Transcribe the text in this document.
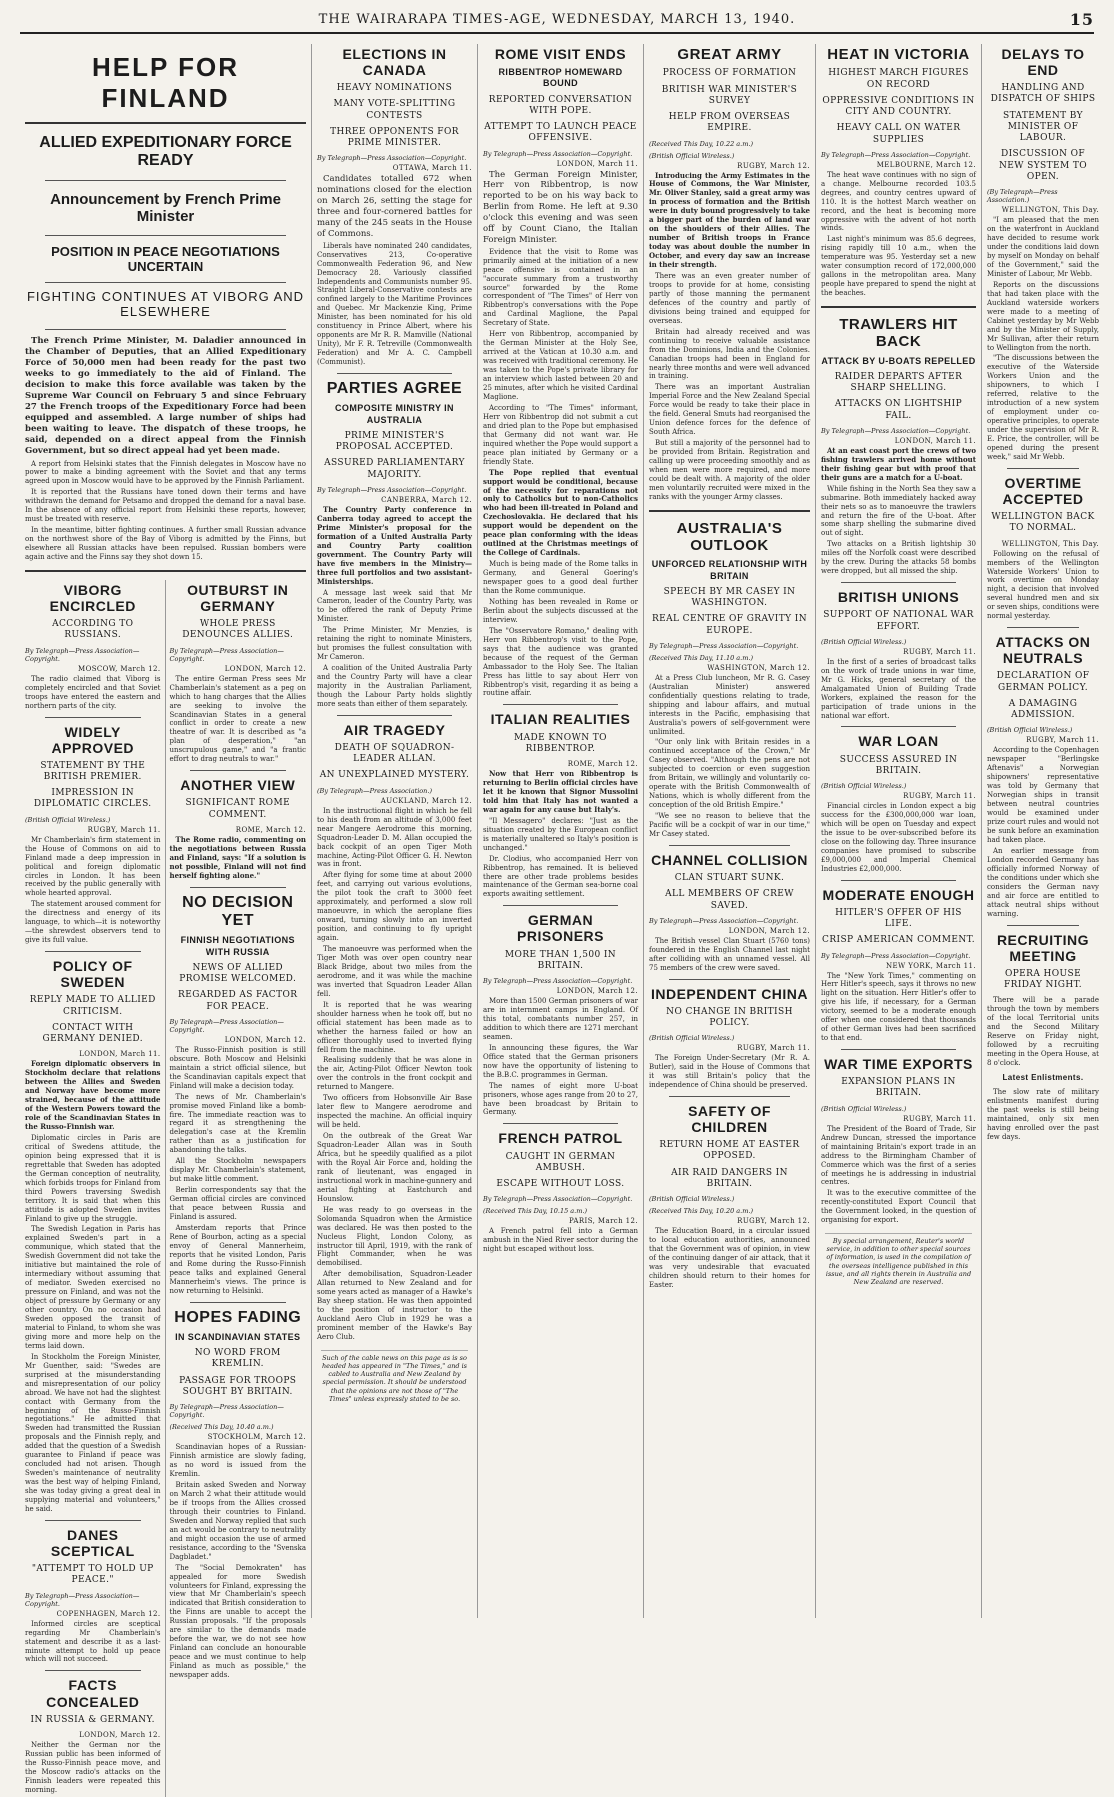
THE WAIRARAPA TIMES-AGE, WEDNESDAY, MARCH 13, 1940.	15
HELP FOR FINLAND
ALLIED EXPEDITIONARY FORCE READY
Announcement by French Prime Minister
POSITION IN PEACE NEGOTIATIONS UNCERTAIN
FIGHTING CONTINUES AT VIBORG AND ELSEWHERE

The French Prime Minister, M. Daladier announced in the Chamber of Deputies, that an Allied Expeditionary Force of 50,000 men had been ready for the past two weeks to go immediately to the aid of Finland. The decision to make this force available was taken by the Supreme War Council on February 5 and since February 27 the French troops of the Expeditionary Force had been equipped and assembled. A large number of ships had been waiting to leave. The dispatch of these troops, he said, depended on a direct appeal from the Finnish Government, but so direct appeal had yet been made.

A report from Helsinki states that the Finnish delegates in Moscow have no power to make a binding agreement with the Soviet and that any terms agreed upon in Moscow would have to be approved by the Finnish Parliament.

It is reported that the Russians have toned down their terms and have withdrawn the demand for Petsamo and dropped the demand for a naval base. In the absence of any official report from Helsinki these reports, however, must be treated with reserve.

In the meantime, bitter fighting continues. A further small Russian advance on the northwest shore of the Bay of Viborg is admitted by the Finns, but elsewhere all Russian attacks have been repulsed. Russian bombers were again active and the Finns say they shot down 15.

VIBORG ENCIRCLED
ACCORDING TO RUSSIANS.
By Telegraph—Press Association—Copyright.
MOSCOW, March 12.

The radio claimed that Viborg is completely encircled and that Soviet troops have entered the eastern and northern parts of the city.

WIDELY APPROVED
STATEMENT BY THE BRITISH PREMIER.
IMPRESSION IN DIPLOMATIC CIRCLES.
(British Official Wireless.)
RUGBY, March 11.

Mr Chamberlain's firm statement in the House of Commons on aid to Finland made a deep impression in political and foreign diplomatic circles in London. It has been received by the public generally with whole hearted approval.

The statement aroused comment for the directness and energy of its language, to which—it is noteworthy—the shrewdest observers tend to give its full value.

POLICY OF SWEDEN
REPLY MADE TO ALLIED CRITICISM.
CONTACT WITH GERMANY DENIED.
LONDON, March 11.

Foreign diplomatic observers in Stockholm declare that relations between the Allies and Sweden and Norway have become more strained, because of the attitude of the Western Powers toward the role of the Scandinavian States in the Russo-Finnish war.

Diplomatic circles in Paris are critical of Swedens attitude, the opinion being expressed that it is regrettable that Sweden has adopted the German conception of neutrality, which forbids troops for Finland from third Powers traversing Swedish territory. It is said that when this attitude is adopted Sweden invites Finland to give up the struggle.

The Swedish Legation in Paris has explained Sweden's part in a communique, which stated that the Swedish Government did not take the initiative but maintained the role of intermediary without assuming that of mediator. Sweden exercised no pressure on Finland, and was not the object of pressure by Germany or any other country. On no occasion had Sweden opposed the transit of material to Finland, to whom she was giving more and more help on the terms laid down.

In Stockholm the Foreign Minister, Mr Guenther, said: "Swedes are surprised at the misunderstanding and misrepresentation of our policy abroad. We have not had the slightest contact with Germany from the beginning of the Russo-Finnish negotiations." He admitted that Sweden had transmitted the Russian proposals and the Finnish reply, and added that the question of a Swedish guarantee to Finland if peace was concluded had not arisen. Though Sweden's maintenance of neutrality was the best way of helping Finland, she was today giving a great deal in supplying material and volunteers," he said.

DANES SCEPTICAL
"ATTEMPT TO HOLD UP PEACE."
By Telegraph—Press Association—Copyright.
COPENHAGEN, March 12.

Informed circles are sceptical regarding Mr Chamberlain's statement and describe it as a last-minute attempt to hold up peace which will not succeed.

FACTS CONCEALED
IN RUSSIA & GERMANY.
LONDON, March 12.

Neither the German nor the Russian public has been informed of the Russo-Finnish peace move, and the Moscow radio's attacks on the Finnish leaders were repeated this morning.

OUTBURST IN GERMANY
WHOLE PRESS DENOUNCES ALLIES.
By Telegraph—Press Association—Copyright.
LONDON, March 12.

The entire German Press sees Mr Chamberlain's statement as a peg on which to hang charges that the Allies are seeking to involve the Scandinavian States in a general conflict in order to create a new theatre of war. It is described as "a plan of desperation," "an unscrupulous game," and "a frantic effort to drag neutrals to war."

ANOTHER VIEW
SIGNIFICANT ROME COMMENT.
ROME, March 12.

The Rome radio, commenting on the negotiations between Russia and Finland, says: "If a solution is not possible, Finland will not find herself fighting alone."

NO DECISION YET
FINNISH NEGOTIATIONS WITH RUSSIA
NEWS OF ALLIED PROMISE WELCOMED.
REGARDED AS FACTOR FOR PEACE.
By Telegraph—Press Association—Copyright.
LONDON, March 12.

The Russo-Finnish position is still obscure. Both Moscow and Helsinki maintain a strict official silence, but the Scandinavian capitals expect that Finland will make a decision today.

The news of Mr. Chamberlain's promise moved Finland like a bomb-fire. The immediate reaction was to regard it as strengthening the delegation's case at the Kremlin rather than as a justification for abandoning the talks.

All the Stockholm newspapers display Mr. Chamberlain's statement, but make little comment.

Berlin correspondents say that the German official circles are convinced that peace between Russia and Finland is assured.

Amsterdam reports that Prince Rene of Bourbon, acting as a special envoy of General Mannerheim, reports that he visited London, Paris and Rome during the Russo-Finnish peace talks and explained General Mannerheim's views. The prince is now returning to Helsinki.

HOPES FADING
IN SCANDINAVIAN STATES
NO WORD FROM KREMLIN.
PASSAGE FOR TROOPS SOUGHT BY BRITAIN.
By Telegraph—Press Association—Copyright.
(Received This Day, 10.40 a.m.)
STOCKHOLM, March 12.

Scandinavian hopes of a Russian-Finnish armistice are slowly fading, as no word is issued from the Kremlin.

Britain asked Sweden and Norway on March 2 what their attitude would be if troops from the Allies crossed through their countries to Finland. Sweden and Norway replied that such an act would be contrary to neutrality and might occasion the use of armed resistance, according to the "Svenska Dagbladet."

The "Social Demokraten" has appealed for more Swedish volunteers for Finland, expressing the view that Mr Chamberlain's speech indicated that British consideration to the Finns are unable to accept the Russian proposals. "If the proposals are similar to the demands made before the war, we do not see how Finland can conclude an honourable peace and we must continue to help Finland as much as possible," the newspaper adds.

ELECTIONS IN CANADA
HEAVY NOMINATIONS
MANY VOTE-SPLITTING CONTESTS
THREE OPPONENTS FOR PRIME MINISTER.
By Telegraph—Press Association—Copyright.
OTTAWA, March 11.

Candidates totalled 672 when nominations closed for the election on March 26, setting the stage for three and four-cornered battles for many of the 245 seats in the House of Commons.

Liberals have nominated 240 candidates, Conservatives 213, Co-operative Commonwealth Federation 96, and New Democracy 28. Variously classified Independents and Communists number 95. Straight Liberal-Conservative contests are confined largely to the Maritime Provinces and Quebec. Mr Mackenzie King, Prime Minister, has been nominated for his old constituency in Prince Albert, where his opponents are Mr R. R. Mamville (National Unity), Mr F. R. Tetreville (Commonwealth Federation) and Mr A. C. Campbell (Communist).

PARTIES AGREE
COMPOSITE MINISTRY IN AUSTRALIA
PRIME MINISTER'S PROPOSAL ACCEPTED.
ASSURED PARLIAMENTARY MAJORITY.
By Telegraph—Press Association—Copyright.
CANBERRA, March 12.

The Country Party conference in Canberra today agreed to accept the Prime Minister's proposal for the formation of a United Australia Party and Country Party coalition government. The Country Party will have five members in the Ministry—three full portfolios and two assistant-Ministerships.

A message last week said that Mr Cameron, leader of the Country Party, was to be offered the rank of Deputy Prime Minister.

The Prime Minister, Mr Menzies, is retaining the right to nominate Ministers, but promises the fullest consultation with Mr Cameron.

A coalition of the United Australia Party and the Country Party will have a clear majority in the Australian Parliament, though the Labour Party holds slightly more seats than either of them separately.

AIR TRAGEDY
DEATH OF SQUADRON-LEADER ALLAN.
AN UNEXPLAINED MYSTERY.
(By Telegraph—Press Association.)
AUCKLAND, March 12.

In the instructional flight in which he fell to his death from an altitude of 3,000 feet near Mangere Aerodrome this morning, Squadron-Leader D. M. Allan occupied the back cockpit of an open Tiger Moth machine, Acting-Pilot Officer G. H. Newton was in front.

After flying for some time at about 2000 feet, and carrying out various evolutions, the pilot took the craft to 3000 feet approximately, and performed a slow roll manoeuvre, in which the aeroplane flies onward, turning slowly into an inverted position, and continuing to fly upright again.

The manoeuvre was performed when the Tiger Moth was over open country near Black Bridge, about two miles from the aerodrome, and it was while the machine was inverted that Squadron Leader Allan fell.

It is reported that he was wearing shoulder harness when he took off, but no official statement has been made as to whether the harness failed or how an officer thoroughly used to inverted flying fell from the machine.

Realising suddenly that he was alone in the air, Acting-Pilot Officer Newton took over the controls in the front cockpit and returned to Mangere.

Two officers from Hobsonville Air Base later flew to Mangere aerodrome and inspected the machine. An official inquiry will be held.

On the outbreak of the Great War Squadron-Leader Allan was in South Africa, but he speedily qualified as a pilot with the Royal Air Force and, holding the rank of lieutenant, was engaged in instructional work in machine-gunnery and aerial fighting at Eastchurch and Hounslow.

He was ready to go overseas in the Solomanda Squadron when the Armistice was declared. He was then posted to the Nucleus Flight, London Colony, as instructor till April, 1919, with the rank of Flight Commander, when he was demobilised.

After demobilisation, Squadron-Leader Allan returned to New Zealand and for some years acted as manager of a Hawke's Bay sheep station. He was then appointed to the position of instructor to the Auckland Aero Club in 1929 he was a prominent member of the Hawke's Bay Aero Club.

Such of the cable news on this page as is so headed has appeared in "The Times," and is cabled to Australia and New Zealand by special permission. It should be understood that the opinions are not those of "The Times" unless expressly stated to be so.
ROME VISIT ENDS
RIBBENTROP HOMEWARD BOUND
REPORTED CONVERSATION WITH POPE.
ATTEMPT TO LAUNCH PEACE OFFENSIVE.
By Telegraph—Press Association—Copyright.
LONDON, March 11.

The German Foreign Minister, Herr von Ribbentrop, is now reported to be on his way back to Berlin from Rome. He left at 9.30 o'clock this evening and was seen off by Count Ciano, the Italian Foreign Minister.

Evidence that the visit to Rome was primarily aimed at the initiation of a new peace offensive is contained in an "accurate summary from a trustworthy source" forwarded by the Rome correspondent of "The Times" of Herr von Ribbentrop's conversations with the Pope and Cardinal Maglione, the Papal Secretary of State.

Herr von Ribbentrop, accompanied by the German Minister at the Holy See, arrived at the Vatican at 10.30 a.m. and was received with traditional ceremony. He was taken to the Pope's private library for an interview which lasted between 20 and 25 minutes, after which he visited Cardinal Maglione.

According to "The Times" informant, Herr von Ribbentrop did not submit a cut and dried plan to the Pope but emphasised that Germany did not want war. He inquired whether the Pope would support a peace plan initiated by Germany or a friendly State.

The Pope replied that eventual support would be conditional, because of the necessity for reparations not only to Catholics but to non-Catholics who had been ill-treated in Poland and Czechoslovakia. He declared that his support would be dependent on the peace plan conforming with the ideas outlined at the Christmas meetings of the College of Cardinals.

Much is being made of the Rome talks in Germany, and General Goering's newspaper goes to a good deal further than the Rome communique.

Nothing has been revealed in Rome or Berlin about the subjects discussed at the interview.

The "Osservatore Romano," dealing with Herr von Ribbentrop's visit to the Pope, says that the audience was granted because of the request of the German Ambassador to the Holy See. The Italian Press has little to say about Herr von Ribbentrop's visit, regarding it as being a routine affair.

ITALIAN REALITIES
MADE KNOWN TO RIBBENTROP.
ROME, March 12.

Now that Herr von Ribbentrop is returning to Berlin official circles have let it be known that Signor Mussolini told him that Italy has not wanted a war again for any cause but Italy's.

"Il Messagero" declares: "Just as the situation created by the European conflict is materially unaltered so Italy's position is unchanged."

Dr. Clodius, who accompanied Herr von Ribbentrop, has remained. It is believed there are other trade problems besides maintenance of the German sea-borne coal exports awaiting settlement.

GERMAN PRISONERS
MORE THAN 1,500 IN BRITAIN.
By Telegraph—Press Association—Copyright.
LONDON, March 12.

More than 1500 German prisoners of war are in internment camps in England. Of this total, combatants number 257, in addition to which there are 1271 merchant seamen.

In announcing these figures, the War Office stated that the German prisoners now have the opportunity of listening to the B.B.C. programmes in German.

The names of eight more U-boat prisoners, whose ages range from 20 to 27, have been broadcast by Britain to Germany.

FRENCH PATROL
CAUGHT IN GERMAN AMBUSH.
ESCAPE WITHOUT LOSS.
By Telegraph—Press Association—Copyright.
(Received This Day, 10.15 a.m.)
PARIS, March 12.

A French patrol fell into a German ambush in the Nied River sector during the night but escaped without loss.

GREAT ARMY
PROCESS OF FORMATION
BRITISH WAR MINISTER'S SURVEY
HELP FROM OVERSEAS EMPIRE.
(Received This Day, 10.22 a.m.)
(British Official Wireless.)
RUGBY, March 12.

Introducing the Army Estimates in the House of Commons, the War Minister, Mr. Oliver Stanley, said a great army was in process of formation and the British were in duty bound progressively to take a bigger part of the burden of land war on the shoulders of their Allies. The number of British troops in France today was about double the number in October, and every day saw an increase in their strength.

There was an even greater number of troops to provide for at home, consisting partly of those manning the permanent defences of the country and partly of divisions being trained and equipped for overseas.

Britain had already received and was continuing to receive valuable assistance from the Dominions, India and the Colonies. Canadian troops had been in England for nearly three months and were well advanced in training.

There was an important Australian Imperial Force and the New Zealand Special Force would be ready to take their place in the field. General Smuts had reorganised the Union defence forces for the defence of South Africa.

But still a majority of the personnel had to be provided from Britain. Registration and calling up were proceeding smoothly and as when men were more required, and more could be dealt with. A majority of the older men voluntarily recruited were mixed in the ranks with the younger Army classes.

AUSTRALIA'S OUTLOOK
UNFORCED RELATIONSHIP WITH BRITAIN
SPEECH BY MR CASEY IN WASHINGTON.
REAL CENTRE OF GRAVITY IN EUROPE.
By Telegraph—Press Association—Copyright.
(Received This Day, 11.10 a.m.)
WASHINGTON, March 12.

At a Press Club luncheon, Mr R. G. Casey (Australian Minister) answered confidentially questions relating to trade, shipping and labour affairs, and mutual interests in the Pacific, emphasising that Australia's powers of self-government were unlimited.

"Our only link with Britain resides in a continued acceptance of the Crown," Mr Casey observed. "Although the pens are not subjected to coercion or even suggestion from Britain, we willingly and voluntarily co-operate with the British Commonwealth of Nations, which is wholly different from the conception of the old British Empire."

"We see no reason to believe that the Pacific will be a cockpit of war in our time," Mr Casey stated.

CHANNEL COLLISION
CLAN STUART SUNK.
ALL MEMBERS OF CREW SAVED.
By Telegraph—Press Association—Copyright.
LONDON, March 12.

The British vessel Clan Stuart (5760 tons) foundered in the English Channel last night after colliding with an unnamed vessel. All 75 members of the crew were saved.

INDEPENDENT CHINA
NO CHANGE IN BRITISH POLICY.
(British Official Wireless.)
RUGBY, March 11.

The Foreign Under-Secretary (Mr R. A. Butler), said in the House of Commons that it was still Britain's policy that the independence of China should be preserved.

SAFETY OF CHILDREN
RETURN HOME AT EASTER OPPOSED.
AIR RAID DANGERS IN BRITAIN.
(British Official Wireless.)
(Received This Day, 10.20 a.m.)
RUGBY, March 12.

The Education Board, in a circular issued to local education authorities, announced that the Government was of opinion, in view of the continuing danger of air attack, that it was very undesirable that evacuated children should return to their homes for Easter.

HEAT IN VICTORIA
HIGHEST MARCH FIGURES ON RECORD
OPPRESSIVE CONDITIONS IN CITY AND COUNTRY.
HEAVY CALL ON WATER SUPPLIES
By Telegraph—Press Association—Copyright.
MELBOURNE, March 12.

The heat wave continues with no sign of a change. Melbourne recorded 103.5 degrees, and country centres upward of 110. It is the hottest March weather on record, and the heat is becoming more oppressive with the advent of hot north winds.

Last night's minimum was 85.6 degrees, rising rapidly till 10 a.m., when the temperature was 95. Yesterday set a new water consumption record of 172,000,000 gallons in the metropolitan area. Many people have prepared to spend the night at the beaches.

TRAWLERS HIT BACK
ATTACK BY U-BOATS REPELLED
RAIDER DEPARTS AFTER SHARP SHELLING.
ATTACKS ON LIGHTSHIP FAIL.
By Telegraph—Press Association—Copyright.
LONDON, March 11.

At an east coast port the crews of two fishing trawlers arrived home without their fishing gear but with proof that their guns are a match for a U-boat.

While fishing in the North Sea they saw a submarine. Both immediately hacked away their nets so as to manoeuvre the trawlers and return the fire of the U-boat. After some sharp shelling the submarine dived out of sight.

Two attacks on a British lightship 30 miles off the Norfolk coast were described by the crew. During the attacks 58 bombs were dropped, but all missed the ship.

BRITISH UNIONS
SUPPORT OF NATIONAL WAR EFFORT.
(British Official Wireless.)
RUGBY, March 11.

In the first of a series of broadcast talks on the work of trade unions in war time, Mr G. Hicks, general secretary of the Amalgamated Union of Building Trade Workers, explained the reason for the participation of trade unions in the national war effort.

WAR LOAN
SUCCESS ASSURED IN BRITAIN.
(British Official Wireless.)
RUGBY, March 11.

Financial circles in London expect a big success for the £300,000,000 war loan, which will be open on Tuesday and expect the issue to be over-subscribed before its close on the following day. Three insurance companies have promised to subscribe £9,000,000 and Imperial Chemical Industries £2,000,000.

MODERATE ENOUGH
HITLER'S OFFER OF HIS LIFE.
CRISP AMERICAN COMMENT.
By Telegraph—Press Association—Copyright.
NEW YORK, March 11.

The "New York Times," commenting on Herr Hitler's speech, says it throws no new light on the situation. Herr Hitler's offer to give his life, if necessary, for a German victory, seemed to be a moderate enough offer when one considered that thousands of other German lives had been sacrificed to that end.

WAR TIME EXPORTS
EXPANSION PLANS IN BRITAIN.
(British Official Wireless.)
RUGBY, March 11.

The President of the Board of Trade, Sir Andrew Duncan, stressed the importance of maintaining Britain's export trade in an address to the Birmingham Chamber of Commerce which was the first of a series of meetings he is addressing in industrial centres.

It was to the executive committee of the recently-constituted Export Council that the Government looked, in the question of organising for export.

By special arrangement, Reuter's world service, in addition to other special sources of information, is used in the compilation of the overseas intelligence published in this issue, and all rights therein in Australia and New Zealand are reserved.
DELAYS TO END
HANDLING AND DISPATCH OF SHIPS
STATEMENT BY MINISTER OF LABOUR.
DISCUSSION OF NEW SYSTEM TO OPEN.
(By Telegraph—Press Association.)
WELLINGTON, This Day.

"I am pleased that the men on the waterfront in Auckland have decided to resume work under the conditions laid down by myself on Monday on behalf of the Government," said the Minister of Labour, Mr Webb.

Reports on the discussions that had taken place with the Auckland waterside workers were made to a meeting of Cabinet yesterday by Mr Webb and by the Minister of Supply, Mr Sullivan, after their return to Wellington from the north.

"The discussions between the executive of the Waterside Workers Union and the shipowners, to which I referred, relative to the introduction of a new system of employment under co-operative principles, to operate under the supervision of Mr R. E. Price, the controller, will be opened during the present week," said Mr Webb.

OVERTIME ACCEPTED
WELLINGTON BACK TO NORMAL.
WELLINGTON, This Day.

Following on the refusal of members of the Wellington Waterside Workers' Union to work overtime on Monday night, a decision that involved several hundred men and six or seven ships, conditions were normal yesterday.

ATTACKS ON NEUTRALS
DECLARATION OF GERMAN POLICY.
A DAMAGING ADMISSION.
(British Official Wireless.)
RUGBY, March 11.

According to the Copenhagen newspaper "Berlingske Aftenavis" a Norwegian shipowners' representative was told by Germany that Norwegian ships in transit between neutral countries would be examined under prize court rules and would not be sunk before an examination had taken place.

An earlier message from London recorded Germany has officially informed Norway of the conditions under which she considers the German navy and air force are entitled to attack neutral ships without warning.

RECRUITING MEETING
OPERA HOUSE FRIDAY NIGHT.

There will be a parade through the town by members of the local Territorial units and the Second Military Reserve on Friday night, followed by a recruiting meeting in the Opera House, at 8 o'clock.

Latest Enlistments.

The slow rate of military enlistments manifest during the past weeks is still being maintained, only six men having enrolled over the past few days.
